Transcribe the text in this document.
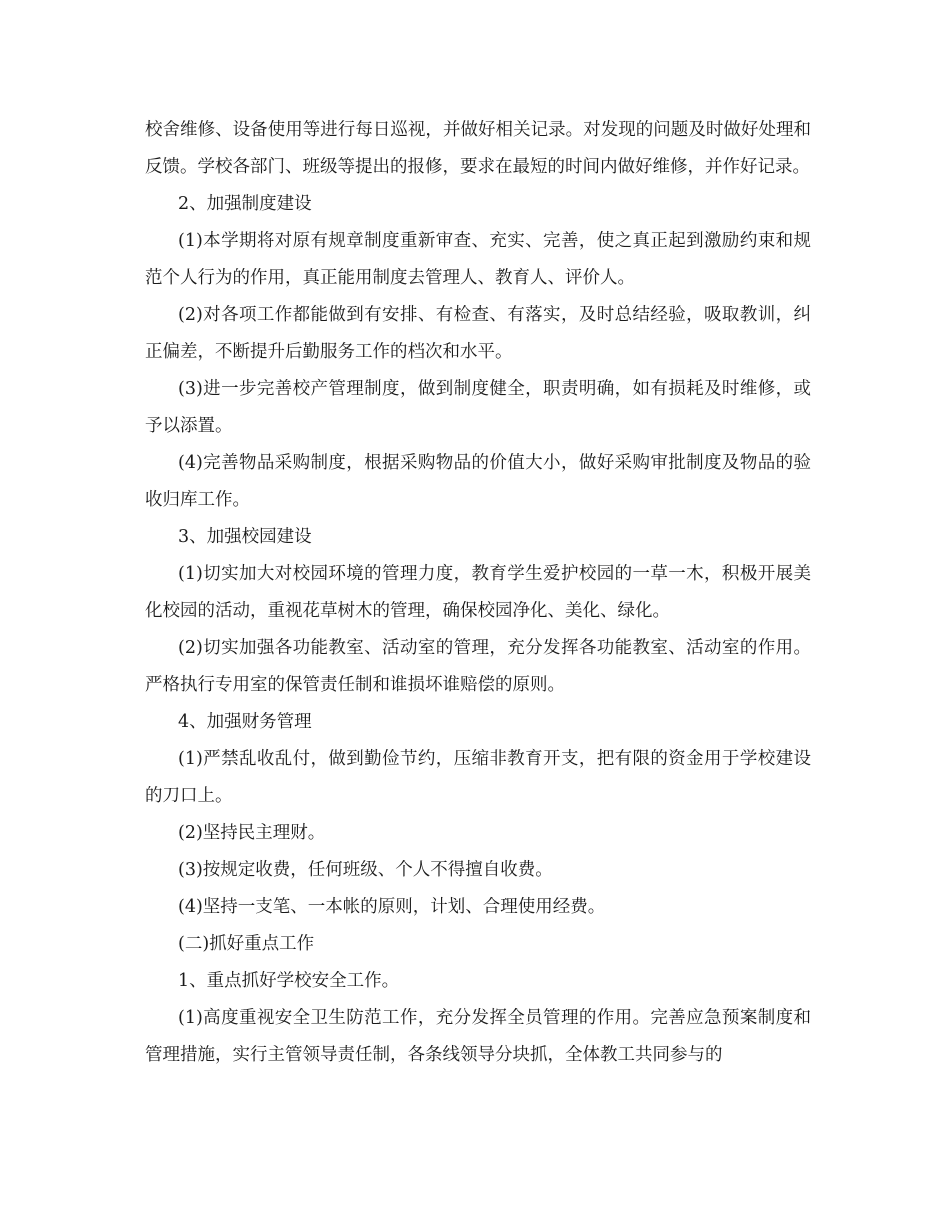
校舍维修、设备使用等进行每日巡视，并做好相关记录。对发现的问题及时做好处理和反馈。学校各部门、班级等提出的报修，要求在最短的时间内做好维修，并作好记录。

2、加强制度建设

(1)本学期将对原有规章制度重新审查、充实、完善，使之真正起到激励约束和规范个人行为的作用，真正能用制度去管理人、教育人、评价人。

(2)对各项工作都能做到有安排、有检查、有落实，及时总结经验，吸取教训，纠正偏差，不断提升后勤服务工作的档次和水平。

(3)进一步完善校产管理制度，做到制度健全，职责明确，如有损耗及时维修，或予以添置。

(4)完善物品采购制度，根据采购物品的价值大小，做好采购审批制度及物品的验收归库工作。

3、加强校园建设

(1)切实加大对校园环境的管理力度，教育学生爱护校园的一草一木，积极开展美化校园的活动，重视花草树木的管理，确保校园净化、美化、绿化。

(2)切实加强各功能教室、活动室的管理，充分发挥各功能教室、活动室的作用。严格执行专用室的保管责任制和谁损坏谁赔偿的原则。

4、加强财务管理

(1)严禁乱收乱付，做到勤俭节约，压缩非教育开支，把有限的资金用于学校建设的刀口上。

(2)坚持民主理财。

(3)按规定收费，任何班级、个人不得擅自收费。

(4)坚持一支笔、一本帐的原则，计划、合理使用经费。

(二)抓好重点工作

1、重点抓好学校安全工作。

(1)高度重视安全卫生防范工作，充分发挥全员管理的作用。完善应急预案制度和管理措施，实行主管领导责任制，各条线领导分块抓，全体教工共同参与的
